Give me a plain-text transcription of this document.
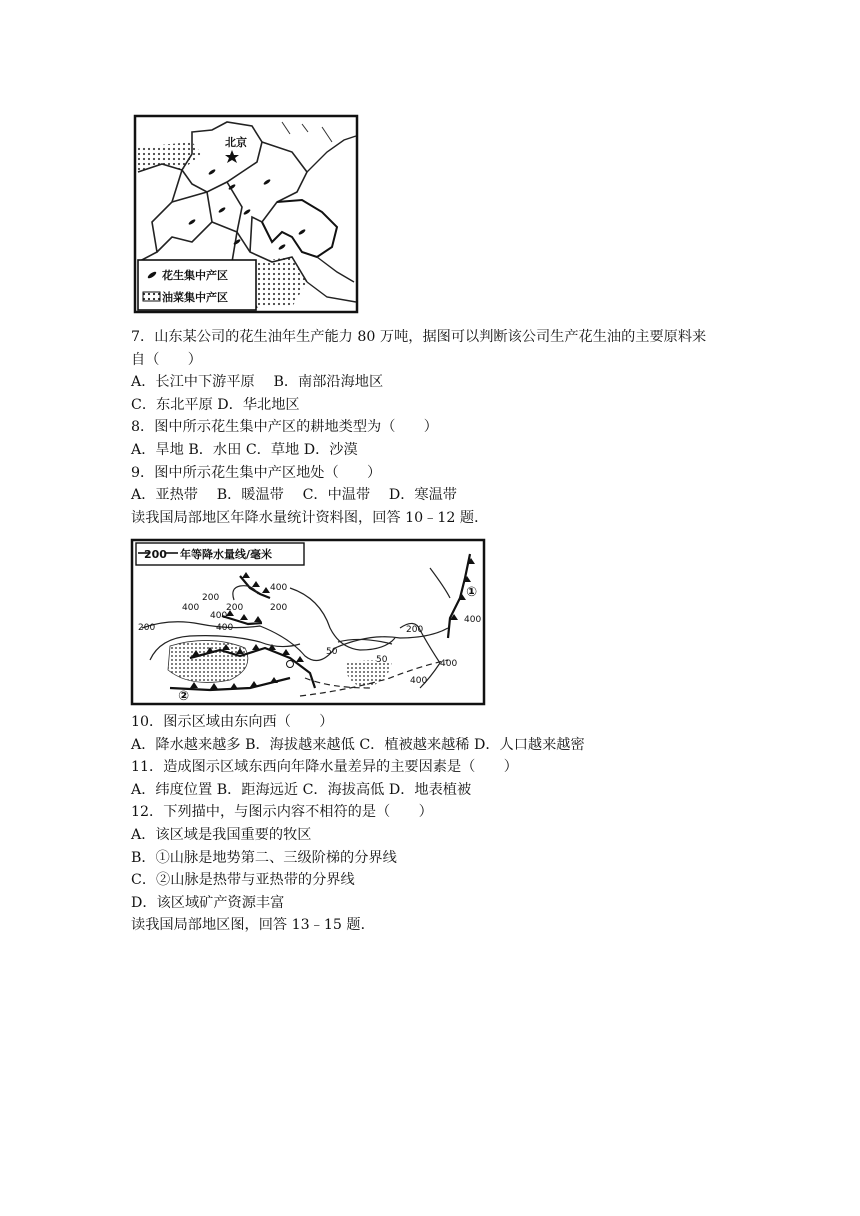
北京
花生集中产区
油菜集中产区
7．山东某公司的花生油年生产能力 80 万吨，据图可以判断该公司生产花生油的主要原料来
自（　　）
A．长江中下游平原　 B．南部沿海地区
C．东北平原 D．华北地区
8．图中所示花生集中产区的耕地类型为（　　）
A．旱地 B．水田 C．草地 D．沙漠
9．图中所示花生集中产区地处（　　）
A．亚热带　 B．暖温带　 C．中温带　 D．寒温带
读我国局部地区年降水量统计资料图，回答 10﹣12 题．
200 年等降水量线/毫米
400
200
400	200	200
400
200	400
50
50
200
400
400
400
①
②
10．图示区域由东向西（　　）
A．降水越来越多 B．海拔越来越低 C．植被越来越稀 D．人口越来越密
11．造成图示区域东西向年降水量差异的主要因素是（　　）
A．纬度位置 B．距海远近 C．海拔高低 D．地表植被
12．下列描中，与图示内容不相符的是（　　）
A．该区域是我国重要的牧区
B．①山脉是地势第二、三级阶梯的分界线
C．②山脉是热带与亚热带的分界线
D．该区域矿产资源丰富
读我国局部地区图，回答 13﹣15 题．
